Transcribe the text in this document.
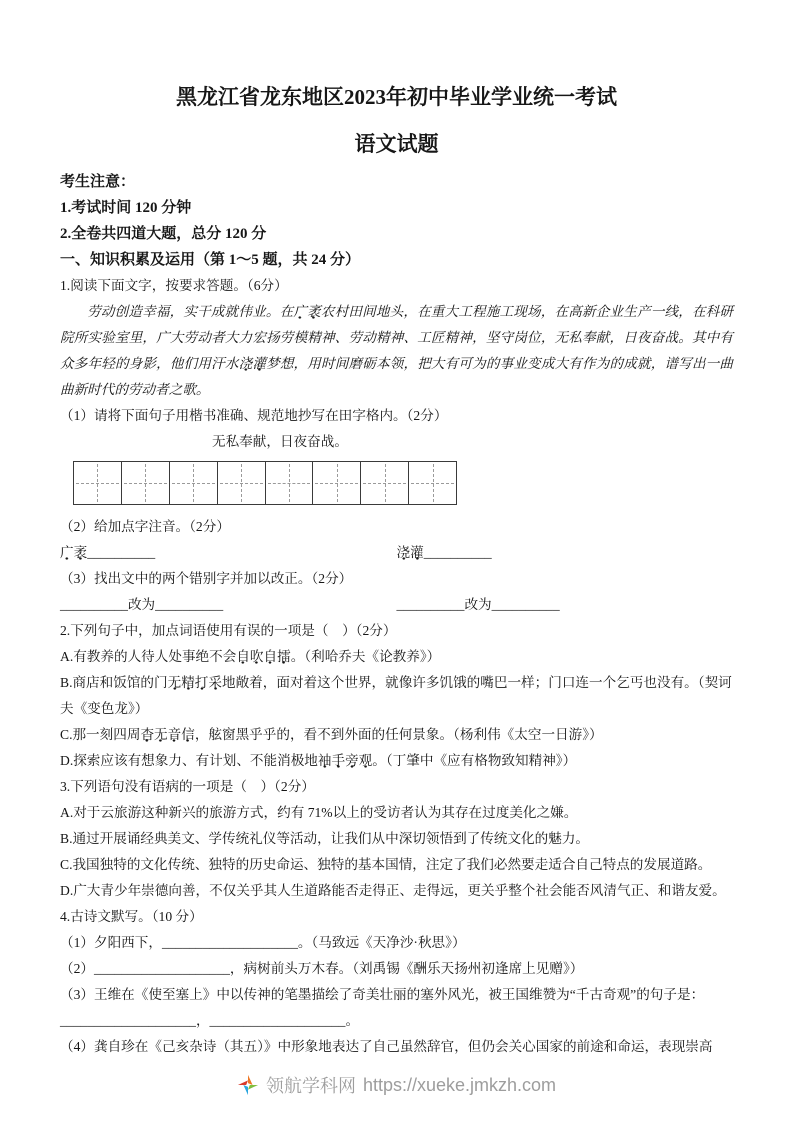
黑龙江省龙东地区2023年初中毕业学业统一考试
语文试题

考生注意：

1.考试时间 120 分钟

2.全卷共四道大题，总分 120 分

一、知识积累及运用（第 1～5 题，共 24 分）

1.阅读下面文字，按要求答题。（6分）

劳动创造幸福，实干成就伟业。在广袤农村田间地头，在重大工程施工现场，在高新企业生产一线，在科研院所实验室里，广大劳动者大力宏扬劳模精神、劳动精神、工匠精神，坚守岗位，无私奉献，日夜奋战。其中有众多年轻的身影，他们用汗水浇灌梦想，用时间磨砺本领，把大有可为的事业变成大有作为的成就，谱写出一曲曲新时代的劳动者之歌。

（1）请将下面句子用楷书准确、规范地抄写在田字格内。（2分）

无私奉献，日夜奋战。

（2）给加点字注音。（2分）

广袤__________	浇灌__________

（3）找出文中的两个错别字并加以改正。（2分）

__________改为__________	__________改为__________

2.下列句子中，加点词语使用有误的一项是（　）（2分）

A.有教养的人待人处事绝不会自吹自擂。（利哈乔夫《论教养》）

B.商店和饭馆的门无精打采地敞着，面对着这个世界，就像许多饥饿的嘴巴一样；门口连一个乞丐也没有。（契诃夫《变色龙》）

C.那一刻四周杳无音信，舷窗黑乎乎的，看不到外面的任何景象。（杨利伟《太空一日游》）

D.探索应该有想象力、有计划、不能消极地袖手旁观。（丁肇中《应有格物致知精神》）

3.下列语句没有语病的一项是（　）（2分）

A.对于云旅游这种新兴的旅游方式，约有 71%以上的受访者认为其存在过度美化之嫌。

B.通过开展诵经典美文、学传统礼仪等活动，让我们从中深切领悟到了传统文化的魅力。

C.我国独特的文化传统、独特的历史命运、独特的基本国情，注定了我们必然要走适合自己特点的发展道路。

D.广大青少年崇德向善，不仅关乎其人生道路能否走得正、走得远，更关乎整个社会能否风清气正、和谐友爱。

4.古诗文默写。（10 分）

（1）夕阳西下，____________________。（马致远《天净沙·秋思》）

（2）____________________，病树前头万木春。（刘禹锡《酬乐天扬州初逢席上见赠》）

（3）王维在《使至塞上》中以传神的笔墨描绘了奇美壮丽的塞外风光，被王国维赞为“千古奇观”的句子是：

____________________，____________________。

（4）龚自珍在《己亥杂诗（其五）》中形象地表达了自己虽然辞官，但仍会关心国家的前途和命运，表现崇高

领航学科网 https://xueke.jmkzh.com
